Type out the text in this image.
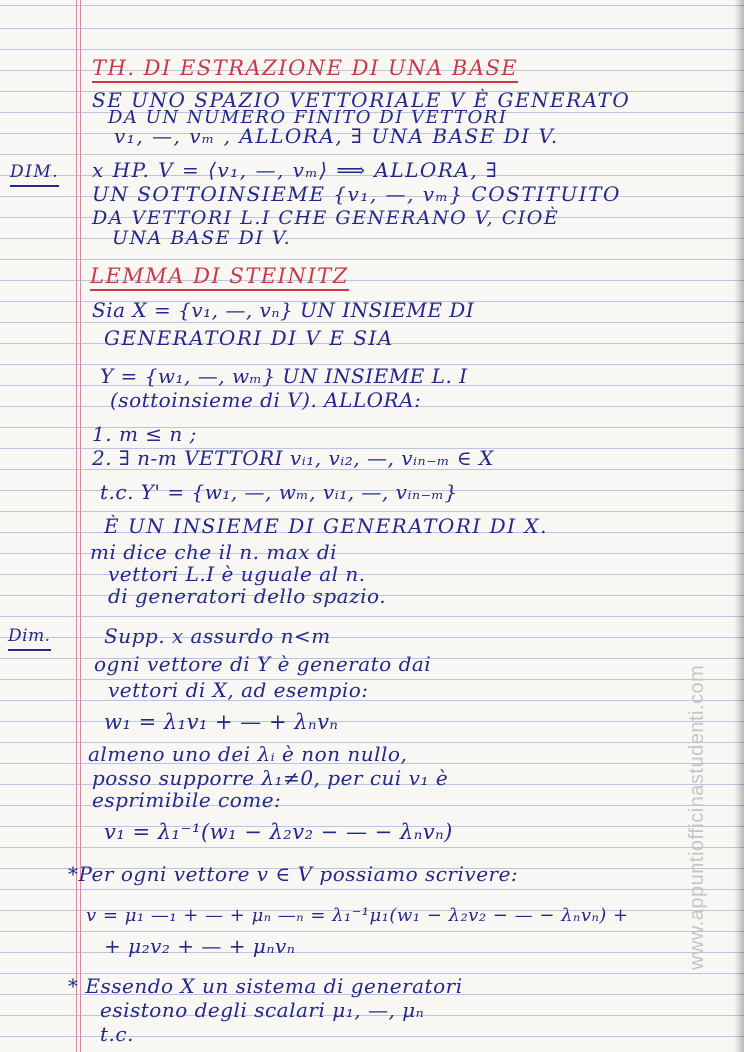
TH. DI ESTRAZIONE DI UNA BASE
SE UNO SPAZIO VETTORIALE V È GENERATO
DA UN NUMERO FINITO DI VETTORI
v₁, —, vₘ , ALLORA, ∃ UNA BASE DI V.
DIM. x HP. V = ⟨v₁, —, vₘ⟩ ⟹ ALLORA, ∃
UN SOTTOINSIEME {v₁, —, vₘ} COSTITUITO
DA VETTORI L.I CHE GENERANO V, CIOÈ
UNA BASE DI V.
LEMMA DI STEINITZ
Sia X = {v₁, —, vₙ} UN INSIEME DI
GENERATORI DI V E SIA
Y = {w₁, —, wₘ} UN INSIEME L. I
(sottoinsieme di V). ALLORA:
1. m ≤ n ;
2. ∃ n-m VETTORI vᵢ₁, vᵢ₂, —, vᵢₙ₋ₘ ∈ X
t.c. Y' = {w₁, —, wₘ, vᵢ₁, —, vᵢₙ₋ₘ}
È UN INSIEME DI GENERATORI DI X.
mi dice che il n. max di
vettori L.I è uguale al n.
di generatori dello spazio.
Dim.	Supp. x assurdo n<m
ogni vettore di Y è generato dai
vettori di X, ad esempio:
w₁ = λ₁v₁ + — + λₙvₙ
almeno uno dei λᵢ è non nullo,
posso supporre λ₁≠0, per cui v₁ è
esprimibile come:
v₁ = λ₁⁻¹(w₁ − λ₂v₂ − — − λₙvₙ)
*Per ogni vettore v ∈ V possiamo scrivere:
v = μ₁ —₁ + — + μₙ —ₙ = λ₁⁻¹μ₁(w₁ − λ₂v₂ − — − λₙvₙ) +
+ μ₂v₂ + — + μₙvₙ
* Essendo X un sistema di generatori
esistono degli scalari μ₁, —, μₙ
t.c.
www.appuntiofficinastudenti.com
